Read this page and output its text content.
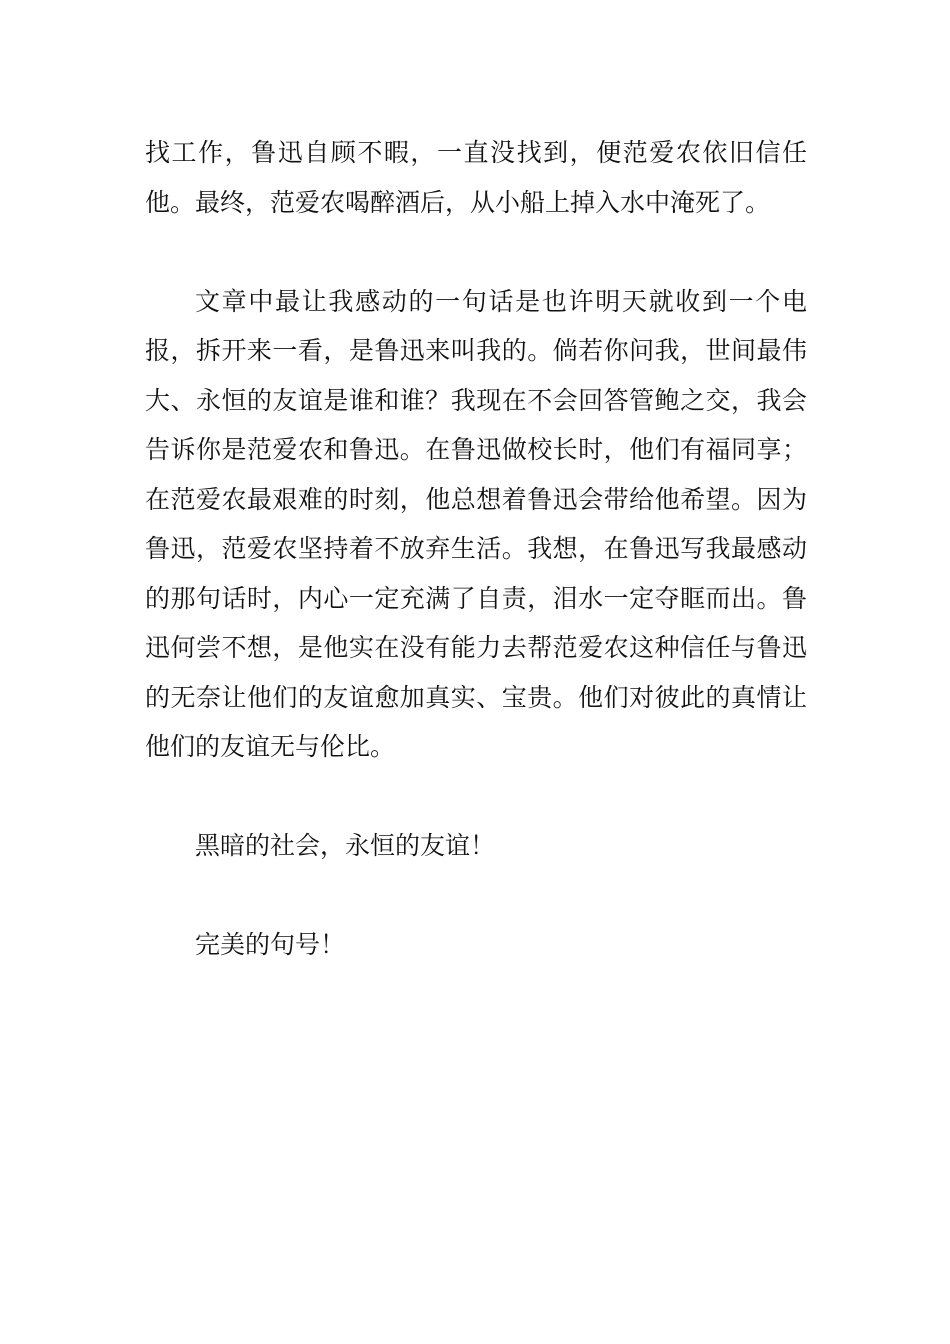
找工作，鲁迅自顾不暇，一直没找到，便范爱农依旧信任他。最终，范爱农喝醉酒后，从小船上掉入水中淹死了。

文章中最让我感动的一句话是也许明天就收到一个电报，拆开来一看，是鲁迅来叫我的。倘若你问我，世间最伟大、永恒的友谊是谁和谁？我现在不会回答管鲍之交，我会告诉你是范爱农和鲁迅。在鲁迅做校长时，他们有福同享；在范爱农最艰难的时刻，他总想着鲁迅会带给他希望。因为鲁迅，范爱农坚持着不放弃生活。我想，在鲁迅写我最感动的那句话时，内心一定充满了自责，泪水一定夺眶而出。鲁迅何尝不想，是他实在没有能力去帮范爱农这种信任与鲁迅的无奈让他们的友谊愈加真实、宝贵。他们对彼此的真情让他们的友谊无与伦比。

黑暗的社会，永恒的友谊！

完美的句号！
